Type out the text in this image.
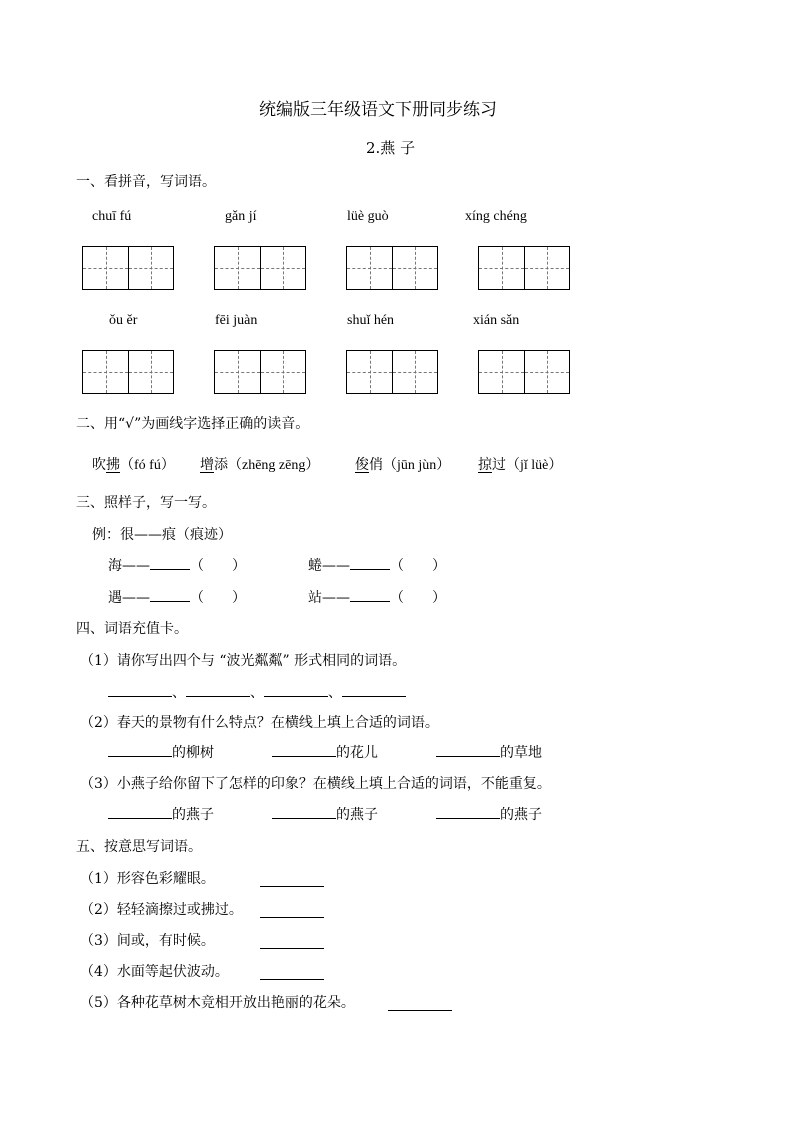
统编版三年级语文下册同步练习
2.燕 子
一、看拼音，写词语。
chuī fú	gǎn jí	lüè guò	xíng chéng
ǒu ěr	fēi juàn	shuǐ hén	xián sǎn
二、用“√”为画线字选择正确的读音。
吹拂（fó fú） 增添（zhēng zēng）	俊俏（jūn jùn） 掠过（jǐ lüè）
三、照样子，写一写。
例：很——痕（痕迹）
海——	（　　）	蜷——	（　　）
遇——	（　　）	站——	（　　）
四、词语充值卡。
（1）请你写出四个与 “波光粼粼” 形式相同的词语。
、	、	、
（2）春天的景物有什么特点？在横线上填上合适的词语。
的柳树	的花儿	的草地
（3）小燕子给你留下了怎样的印象？在横线上填上合适的词语，不能重复。
的燕子	的燕子	的燕子
五、按意思写词语。
（1）形容色彩耀眼。
（2）轻轻滴擦过或拂过。
（3）间或，有时候。
（4）水面等起伏波动。
（5）各种花草树木竞相开放出艳丽的花朵。
